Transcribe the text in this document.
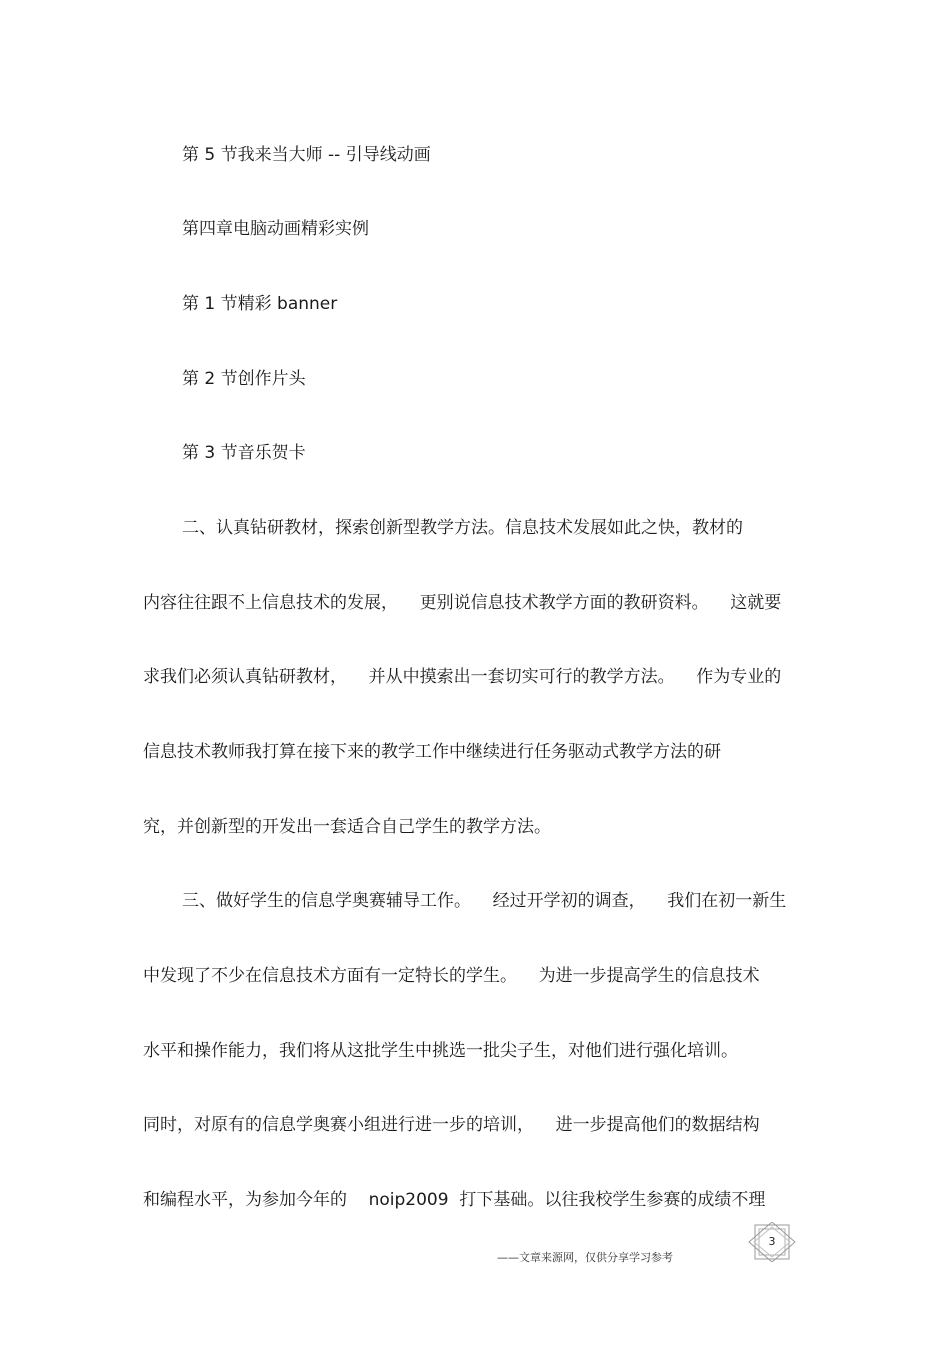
第 5 节我来当大师 -- 引导线动画
第四章电脑动画精彩实例
第 1 节精彩 banner
第 2 节创作片头
第 3 节音乐贺卡
二、认真钻研教材，探索创新型教学方法。信息技术发展如此之快，教材的
内容往往跟不上信息技术的发展，    更别说信息技术教学方面的教研资料。    这就要
求我们必须认真钻研教材，    并从中摸索出一套切实可行的教学方法。    作为专业的
信息技术教师我打算在接下来的教学工作中继续进行任务驱动式教学方法的研
究，并创新型的开发出一套适合自己学生的教学方法。
三、做好学生的信息学奥赛辅导工作。    经过开学初的调查，    我们在初一新生
中发现了不少在信息技术方面有一定特长的学生。    为进一步提高学生的信息技术
水平和操作能力，我们将从这批学生中挑选一批尖子生，对他们进行强化培训。
同时，对原有的信息学奥赛小组进行进一步的培训，    进一步提高他们的数据结构
和编程水平，为参加今年的    noip2009  打下基础。以往我校学生参赛的成绩不理
——文章来源网，仅供分享学习参考
3
